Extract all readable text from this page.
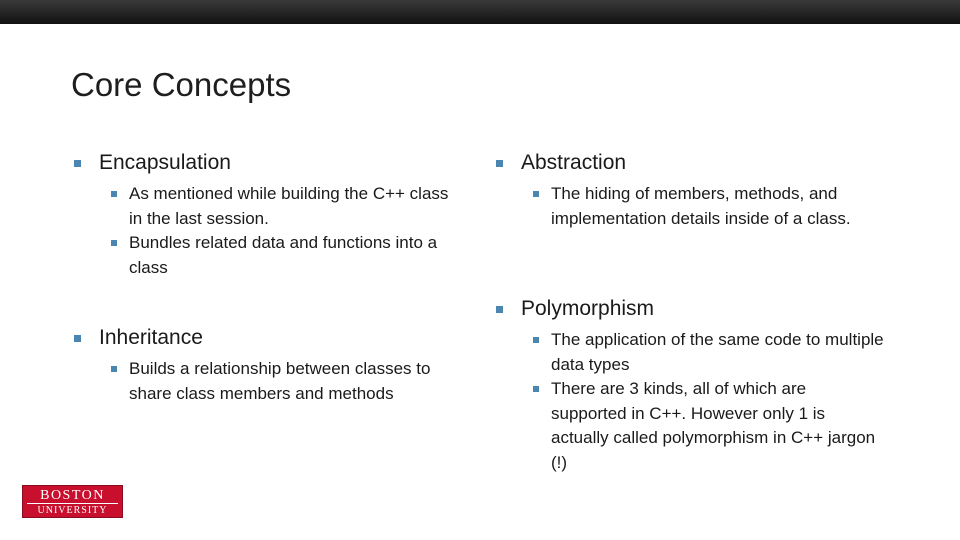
Core Concepts
Encapsulation
As mentioned while building the C++ class in the last session.
Bundles related data and functions into a class
Inheritance
Builds a relationship between classes to share class members and methods
Abstraction
The hiding of members, methods, and implementation details inside of a class.
Polymorphism
The application of the same code to multiple data types
There are 3 kinds, all of which are supported in C++. However only 1 is actually called polymorphism in C++ jargon (!)
BOSTON
UNIVERSITY
